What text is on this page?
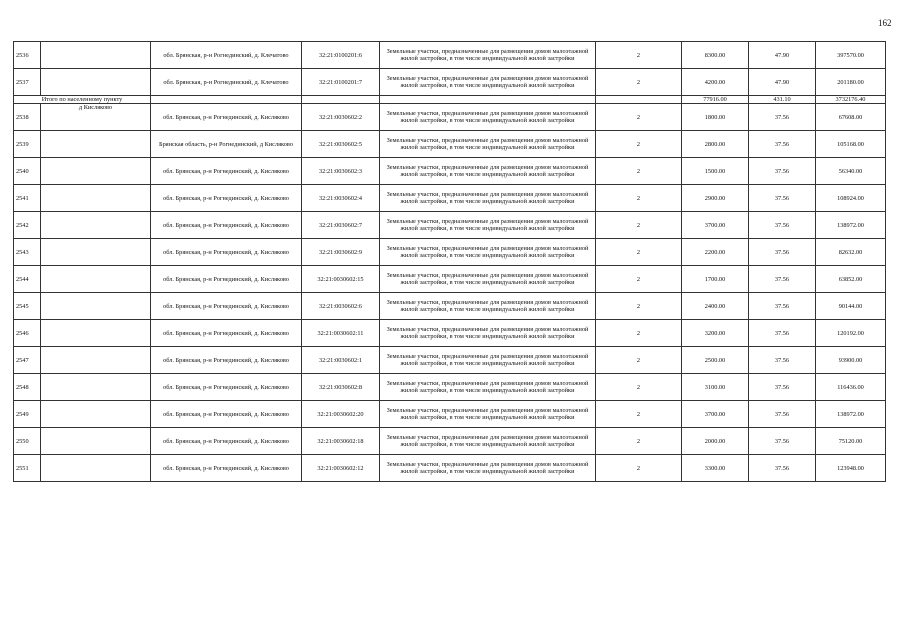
162
2536		обл. Брянская, р-н Рогнединский, д. Клечатово	32:21:0100201:6	Земельные участки, предназначенные для размещения домов малоэтажной жилой застройки, в том числе индивидуальной жилой застройки	2	8300.00	47.90	397570.00
2537		обл. Брянская, р-н Рогнединский, д. Клечатово	32:21:0100201:7	Земельные участки, предназначенные для размещения домов малоэтажной жилой застройки, в том числе индивидуальной жилой застройки	2	4200.00	47.90	201180.00

Итого по населенному пункту						77916.00	431.10	3732176.40
2538	д Кисляково	обл. Брянская, р-н Рогнединский, д. Кисляково	32:21:0030602:2	Земельные участки, предназначенные для размещения домов малоэтажной жилой застройки, в том числе индивидуальной жилой застройки	2	1800.00	37.56	67608.00
2539		Брянская область, р-н Рогнединский, д Кисляково	32:21:0030602:5	Земельные участки, предназначенные для размещения домов малоэтажной жилой застройки, в том числе индивидуальной жилой застройки	2	2800.00	37.56	105168.00
2540		обл. Брянская, р-н Рогнединский, д. Кисляково	32:21:0030602:3	Земельные участки, предназначенные для размещения домов малоэтажной жилой застройки, в том числе индивидуальной жилой застройки	2	1500.00	37.56	56340.00
2541		обл. Брянская, р-н Рогнединский, д. Кисляково	32:21:0030602:4	Земельные участки, предназначенные для размещения домов малоэтажной жилой застройки, в том числе индивидуальной жилой застройки	2	2900.00	37.56	108924.00
2542		обл. Брянская, р-н Рогнединский, д. Кисляково	32:21:0030602:7	Земельные участки, предназначенные для размещения домов малоэтажной жилой застройки, в том числе индивидуальной жилой застройки	2	3700.00	37.56	138972.00
2543		обл. Брянская, р-н Рогнединский, д. Кисляково	32:21:0030602:9	Земельные участки, предназначенные для размещения домов малоэтажной жилой застройки, в том числе индивидуальной жилой застройки	2	2200.00	37.56	82632.00
2544		обл. Брянская, р-н Рогнединский, д. Кисляково	32:21:0030602:15	Земельные участки, предназначенные для размещения домов малоэтажной жилой застройки, в том числе индивидуальной жилой застройки	2	1700.00	37.56	63852.00
2545		обл. Брянская, р-н Рогнединский, д. Кисляково	32:21:0030602:6	Земельные участки, предназначенные для размещения домов малоэтажной жилой застройки, в том числе индивидуальной жилой застройки	2	2400.00	37.56	90144.00
2546		обл. Брянская, р-н Рогнединский, д. Кисляково	32:21:0030602:11	Земельные участки, предназначенные для размещения домов малоэтажной жилой застройки, в том числе индивидуальной жилой застройки	2	3200.00	37.56	120192.00
2547		обл. Брянская, р-н Рогнединский, д. Кисляково	32:21:0030602:1	Земельные участки, предназначенные для размещения домов малоэтажной жилой застройки, в том числе индивидуальной жилой застройки	2	2500.00	37.56	93900.00
2548		обл. Брянская, р-н Рогнединский, д. Кисляково	32:21:0030602:8	Земельные участки, предназначенные для размещения домов малоэтажной жилой застройки, в том числе индивидуальной жилой застройки	2	3100.00	37.56	116436.00
2549		обл. Брянская, р-н Рогнединский, д. Кисляково	32:21:0030602:20	Земельные участки, предназначенные для размещения домов малоэтажной жилой застройки, в том числе индивидуальной жилой застройки	2	3700.00	37.56	138972.00
2550		обл. Брянская, р-н Рогнединский, д. Кисляково	32:21:0030602:18	Земельные участки, предназначенные для размещения домов малоэтажной жилой застройки, в том числе индивидуальной жилой застройки	2	2000.00	37.56	75120.00
2551		обл. Брянская, р-н Рогнединский, д. Кисляково	32:21:0030602:12	Земельные участки, предназначенные для размещения домов малоэтажной жилой застройки, в том числе индивидуальной жилой застройки	2	3300.00	37.56	123948.00
